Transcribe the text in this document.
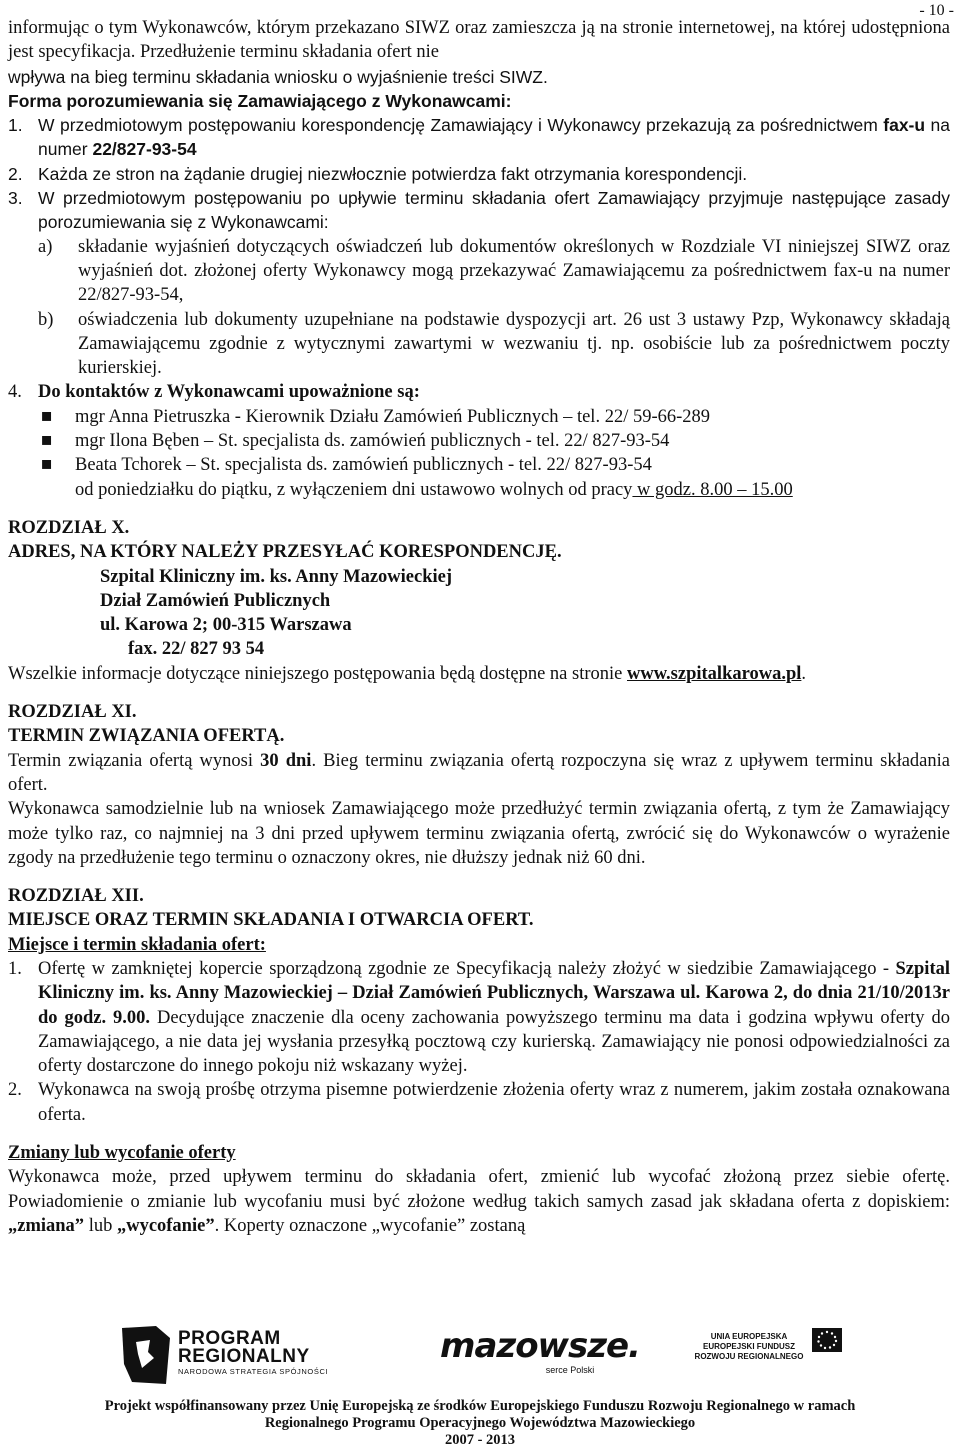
- 10 -

informując o tym Wykonawców, którym przekazano SIWZ oraz zamieszcza ją na stronie internetowej, na której udostępniona jest specyfikacja. Przedłużenie terminu składania ofert nie

wpływa na bieg terminu składania wniosku o wyjaśnienie treści SIWZ.

Forma porozumiewania się Zamawiającego z Wykonawcami:

1. W przedmiotowym postępowaniu korespondencję Zamawiający i Wykonawcy przekazują za pośrednictwem fax-u na numer 22/827-93-54

2. Każda ze stron na żądanie drugiej niezwłocznie potwierdza fakt otrzymania korespondencji.

3. W przedmiotowym postępowaniu po upływie terminu składania ofert Zamawiający przyjmuje następujące zasady porozumiewania się z Wykonawcami:

a) składanie wyjaśnień dotyczących oświadczeń lub dokumentów określonych w Rozdziale VI niniejszej SIWZ oraz wyjaśnień dot. złożonej oferty Wykonawcy mogą przekazywać Zamawiającemu za pośrednictwem fax-u na numer 22/827-93-54,

b) oświadczenia lub dokumenty uzupełniane na podstawie dyspozycji art. 26 ust 3 ustawy Pzp, Wykonawcy składają Zamawiającemu zgodnie z wytycznymi zawartymi w wezwaniu tj. np. osobiście lub za pośrednictwem poczty kurierskiej.

4. Do kontaktów z Wykonawcami upoważnione są:

■ mgr Anna Pietruszka - Kierownik Działu Zamówień Publicznych – tel. 22/ 59-66-289

■ mgr Ilona Bęben – St. specjalista ds. zamówień publicznych - tel. 22/ 827-93-54

■ Beata Tchorek – St. specjalista ds. zamówień publicznych - tel. 22/ 827-93-54

od poniedziałku do piątku, z wyłączeniem dni ustawowo wolnych od pracy w godz. 8.00 – 15.00

ROZDZIAŁ X.

ADRES, NA KTÓRY NALEŻY PRZESYŁAĆ KORESPONDENCJĘ.

Szpital Kliniczny im. ks. Anny Mazowieckiej

Dział Zamówień Publicznych

ul. Karowa 2; 00-315 Warszawa

fax. 22/ 827 93 54

Wszelkie informacje dotyczące niniejszego postępowania będą dostępne na stronie www.szpitalkarowa.pl.

ROZDZIAŁ XI.

TERMIN ZWIĄZANIA OFERTĄ.

Termin związania ofertą wynosi 30 dni. Bieg terminu związania ofertą rozpoczyna się wraz z upływem terminu składania ofert.

Wykonawca samodzielnie lub na wniosek Zamawiającego może przedłużyć termin związania ofertą, z tym że Zamawiający może tylko raz, co najmniej na 3 dni przed upływem terminu związania ofertą, zwrócić się do Wykonawców o wyrażenie zgody na przedłużenie tego terminu o oznaczony okres, nie dłuższy jednak niż 60 dni.

ROZDZIAŁ XII.

MIEJSCE ORAZ TERMIN SKŁADANIA I OTWARCIA OFERT.

Miejsce i termin składania ofert:

1. Ofertę w zamkniętej kopercie sporządzoną zgodnie ze Specyfikacją należy złożyć w siedzibie Zamawiającego - Szpital Kliniczny im. ks. Anny Mazowieckiej – Dział Zamówień Publicznych, Warszawa ul. Karowa 2, do dnia 21/10/2013r do godz. 9.00. Decydujące znaczenie dla oceny zachowania powyższego terminu ma data i godzina wpływu oferty do Zamawiającego, a nie data jej wysłania przesyłką pocztową czy kurierską. Zamawiający nie ponosi odpowiedzialności za oferty dostarczone do innego pokoju niż wskazany wyżej.

2. Wykonawca na swoją prośbę otrzyma pisemne potwierdzenie złożenia oferty wraz z numerem, jakim została oznakowana oferta.

Zmiany lub wycofanie oferty

Wykonawca może, przed upływem terminu do składania ofert, zmienić lub wycofać złożoną przez siebie ofertę. Powiadomienie o zmianie lub wycofaniu musi być złożone według takich samych zasad jak składana oferta z dopiskiem: „zmiana” lub „wycofanie”. Koperty oznaczone „wycofanie” zostaną

PROGRAM
REGIONALNY
NARODOWA STRATEGIA SPÓJNOŚCI
mazowsze.
serce Polski
UNIA EUROPEJSKA
EUROPEJSKI FUNDUSZ
ROZWOJU REGIONALNEGO
Projekt współfinansowany przez Unię Europejską ze środków Europejskiego Funduszu Rozwoju Regionalnego w ramach
Regionalnego Programu Operacyjnego Województwa Mazowieckiego
2007 - 2013
